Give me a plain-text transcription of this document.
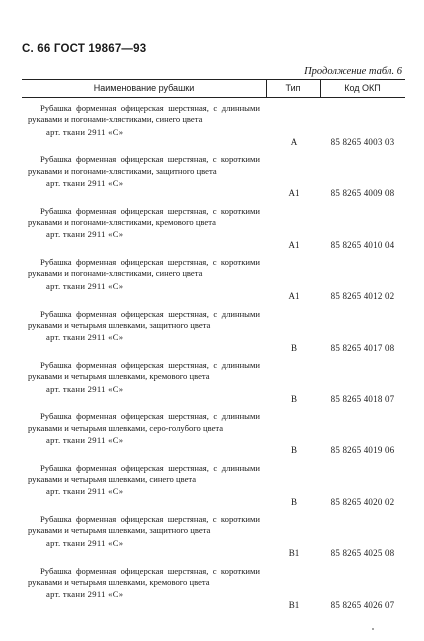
С. 66 ГОСТ 19867—93
Продолжение табл. 6
Наименование рубашки	Тип	Код ОКП
Рубашка форменная офицерская шерстяная, с длинными рукавами и погонами-хлястиками, синего цвета
арт. ткани 2911 «С»
А	85 8265 4003 03
Рубашка форменная офицерская шерстяная, с короткими рукавами и погонами-хлястиками, защитного цвета
арт. ткани 2911 «С»
А1	85 8265 4009 08
Рубашка форменная офицерская шерстяная, с короткими рукавами и погонами-хлястиками, кремового цвета
арт. ткани 2911 «С»
А1	85 8265 4010 04
Рубашка форменная офицерская шерстяная, с короткими рукавами и погонами-хлястиками, синего цвета
арт. ткани 2911 «С»
А1	85 8265 4012 02
Рубашка форменная офицерская шерстяная, с длинными рукавами и четырьмя шлевками, защитного цвета
арт. ткани 2911 «С»
В	85 8265 4017 08
Рубашка форменная офицерская шерстяная, с длинными рукавами и четырьмя шлевками, кремового цвета
арт. ткани 2911 «С»
В	85 8265 4018 07
Рубашка форменная офицерская шерстяная, с длинными рукавами и четырьмя шлевками, серо-голубого цвета
арт. ткани 2911 «С»
В	85 8265 4019 06
Рубашка форменная офицерская шерстяная, с длинными рукавами и четырьмя шлевками, синего цвета
арт. ткани 2911 «С»
В	85 8265 4020 02
Рубашка форменная офицерская шерстяная, с короткими рукавами и четырьмя шлевками, защитного цвета
арт. ткани 2911 «С»
В1	85 8265 4025 08
Рубашка форменная офицерская шерстяная, с короткими рукавами и четырьмя шлевками, кремового цвета
арт. ткани 2911 «С»
В1	85 8265 4026 07
